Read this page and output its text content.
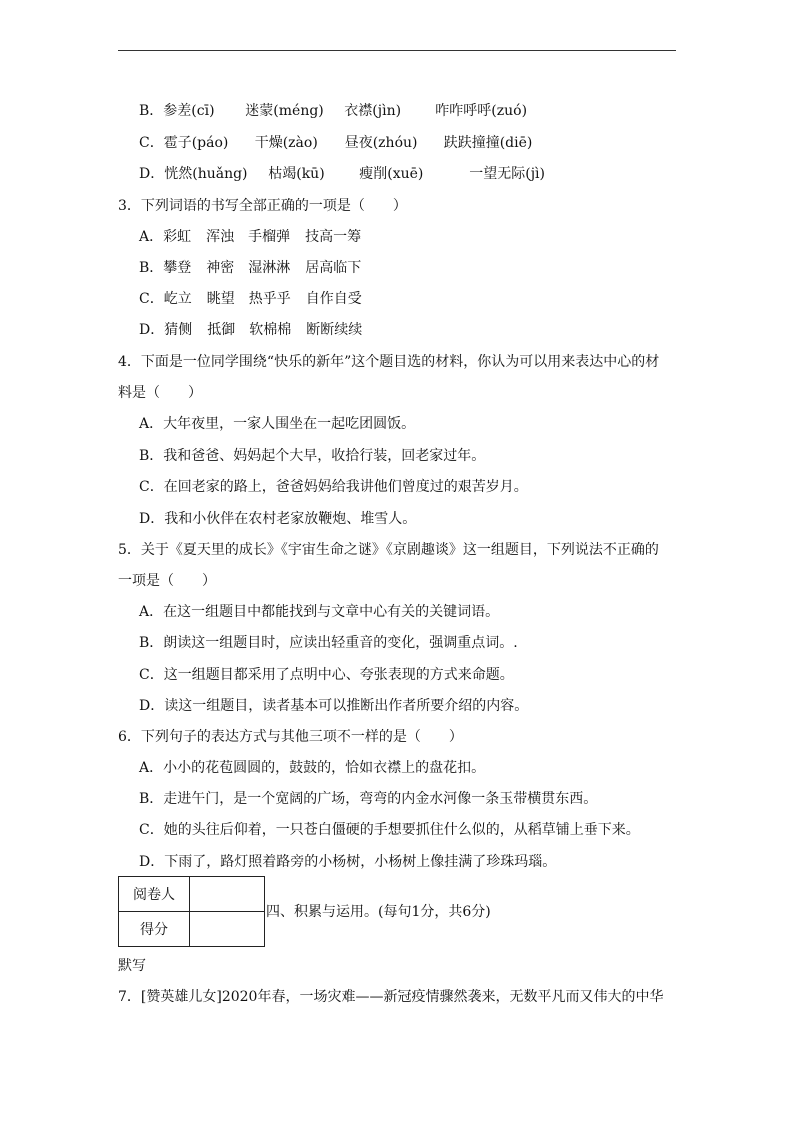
B．参差(cī) 迷蒙(méng) 衣襟(jìn) 咋咋呼呼(zuó)
C．雹子(páo) 干燥(zào) 昼夜(zhóu) 趺趺撞撞(diē)
D．恍然(huǎng) 枯竭(kū) 瘦削(xuē)	一望无际(jì)
3．下列词语的书写全部正确的一项是（　　）
A．彩虹 浑浊 手榴弹 技高一筹
B．攀登 神密 湿淋淋 居高临下
C．屹立 眺望 热乎乎 自作自受
D．猜侧 抵御 软棉棉 断断续续
4．下面是一位同学围绕“快乐的新年”这个题目选的材料，你认为可以用来表达中心的材
料是（　　）
A．大年夜里，一家人围坐在一起吃团圆饭。
B．我和爸爸、妈妈起个大早，收拾行装，回老家过年。
C．在回老家的路上，爸爸妈妈给我讲他们曾度过的艰苦岁月。
D．我和小伙伴在农村老家放鞭炮、堆雪人。
5．关于《夏天里的成长》《宇宙生命之谜》《京剧趣谈》这一组题目，下列说法不正确的
一项是（　　）
A．在这一组题目中都能找到与文章中心有关的关键词语。
B．朗读这一组题目时，应读出轻重音的变化，强调重点词。.
C．这一组题目都采用了点明中心、夸张表现的方式来命题。
D．读这一组题目，读者基本可以推断出作者所要介绍的内容。
6．下列句子的表达方式与其他三项不一样的是（　　）
A．小小的花苞圆圆的，鼓鼓的，恰如衣襟上的盘花扣。
B．走进午门，是一个宽阔的广场，弯弯的内金水河像一条玉带横贯东西。
C．她的头往后仰着，一只苍白僵硬的手想要抓住什么似的，从稻草铺上垂下来。
D．下雨了，路灯照着路旁的小杨树，小杨树上像挂满了珍珠玛瑙。
阅卷人	
得分	
四、积累与运用。(每句1分，共6分)
默写
7．[赞英雄儿女]2020年春，一场灾难——新冠疫情骤然袭来，无数平凡而又伟大的中华
